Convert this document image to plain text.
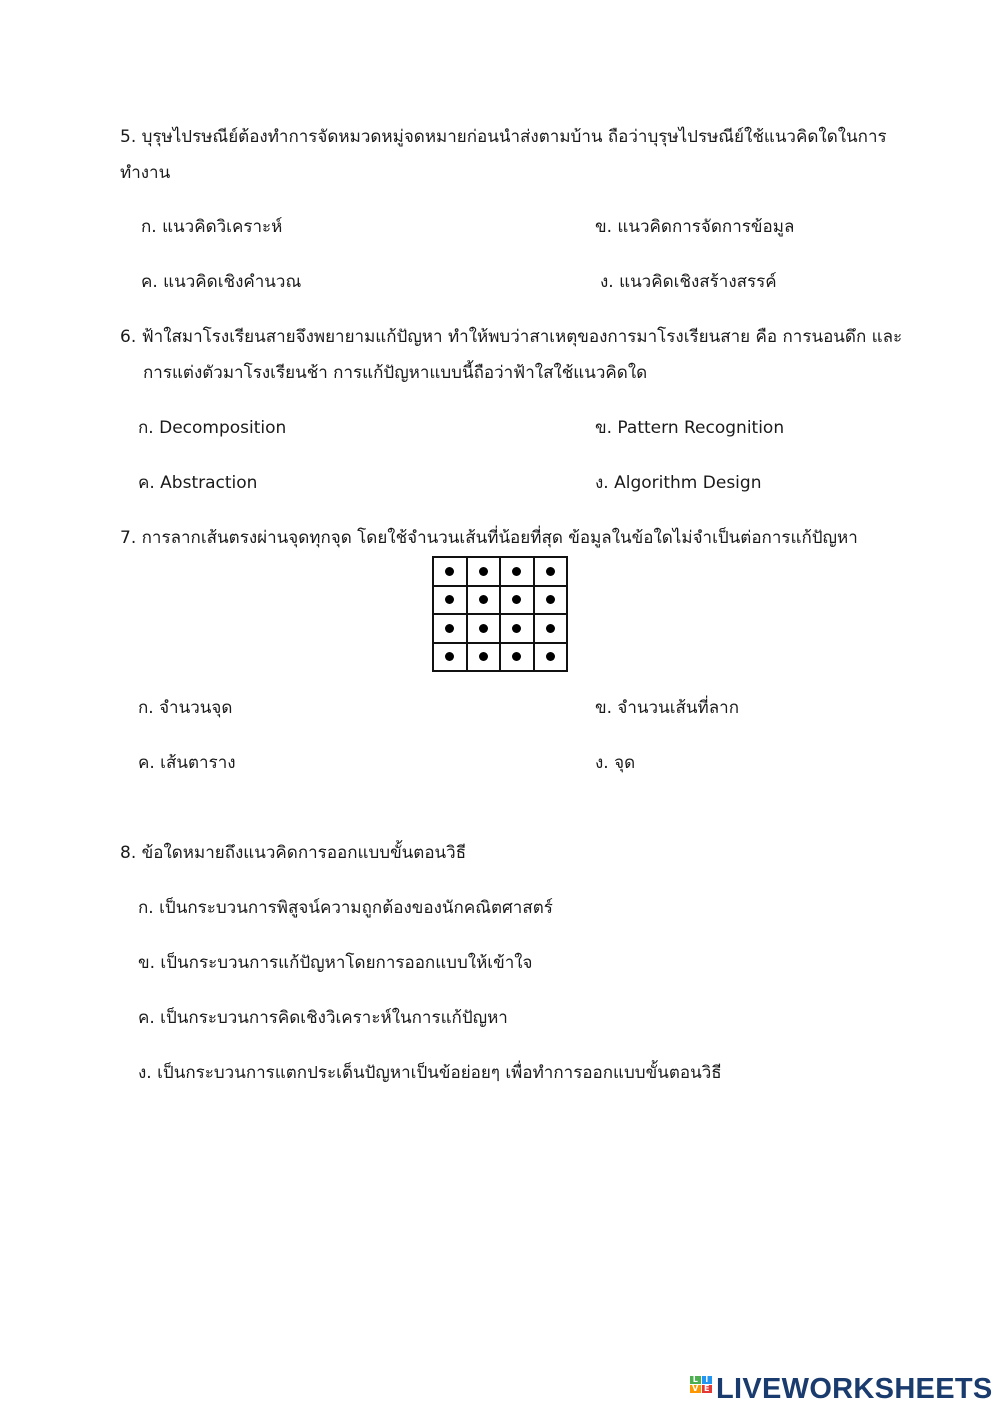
5. บุรุษไปรษณีย์ต้องทำการจัดหมวดหมู่จดหมายก่อนนำส่งตามบ้าน ถือว่าบุรุษไปรษณีย์ใช้แนวคิดใดในการ
ทำงาน
ก. แนวคิดวิเคราะห์	ข. แนวคิดการจัดการข้อมูล
ค. แนวคิดเชิงคำนวณ	ง. แนวคิดเชิงสร้างสรรค์
6. ฟ้าใสมาโรงเรียนสายจึงพยายามแก้ปัญหา ทำให้พบว่าสาเหตุของการมาโรงเรียนสาย คือ การนอนดึก และ
การแต่งตัวมาโรงเรียนช้า การแก้ปัญหาแบบนี้ถือว่าฟ้าใสใช้แนวคิดใด
ก. Decomposition	ข. Pattern Recognition
ค. Abstraction	ง. Algorithm Design
7. การลากเส้นตรงผ่านจุดทุกจุด โดยใช้จำนวนเส้นที่น้อยที่สุด ข้อมูลในข้อใดไม่จำเป็นต่อการแก้ปัญหา
ก. จำนวนจุด	ข. จำนวนเส้นที่ลาก
ค. เส้นตาราง	ง. จุด
8. ข้อใดหมายถึงแนวคิดการออกแบบขั้นตอนวิธี
ก. เป็นกระบวนการพิสูจน์ความถูกต้องของนักคณิตศาสตร์
ข. เป็นกระบวนการแก้ปัญหาโดยการออกแบบให้เข้าใจ
ค. เป็นกระบวนการคิดเชิงวิเคราะห์ในการแก้ปัญหา
ง. เป็นกระบวนการแตกประเด็นปัญหาเป็นข้อย่อยๆ เพื่อทำการออกแบบขั้นตอนวิธี
L I
V E LIVEWORKSHEETS
